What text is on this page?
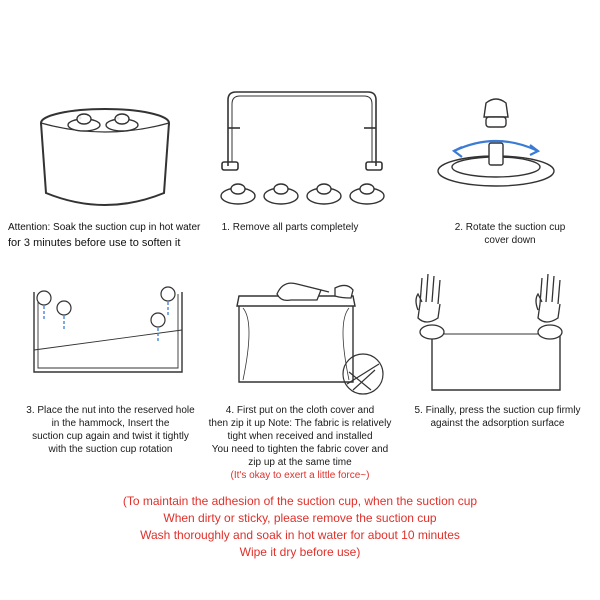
Attention: Soak the suction cup in hot water
for 3 minutes before use to soften it
1. Remove all parts completely	2. Rotate the suction cup
cover down
3. Place the nut into the reserved hole
in the hammock, Insert the
suction cup again and twist it tightly
with the suction cup rotation
4. First put on the cloth cover and
then zip it up Note: The fabric is relatively
tight when received and installed
You need to tighten the fabric cover and
zip up at the same time
(It's okay to exert a little force~)
5. Finally, press the suction cup firmly
against the adsorption surface
(To maintain the adhesion of the suction cup, when the suction cup
When dirty or sticky, please remove the suction cup
Wash thoroughly and soak in hot water for about 10 minutes
Wipe it dry before use)
